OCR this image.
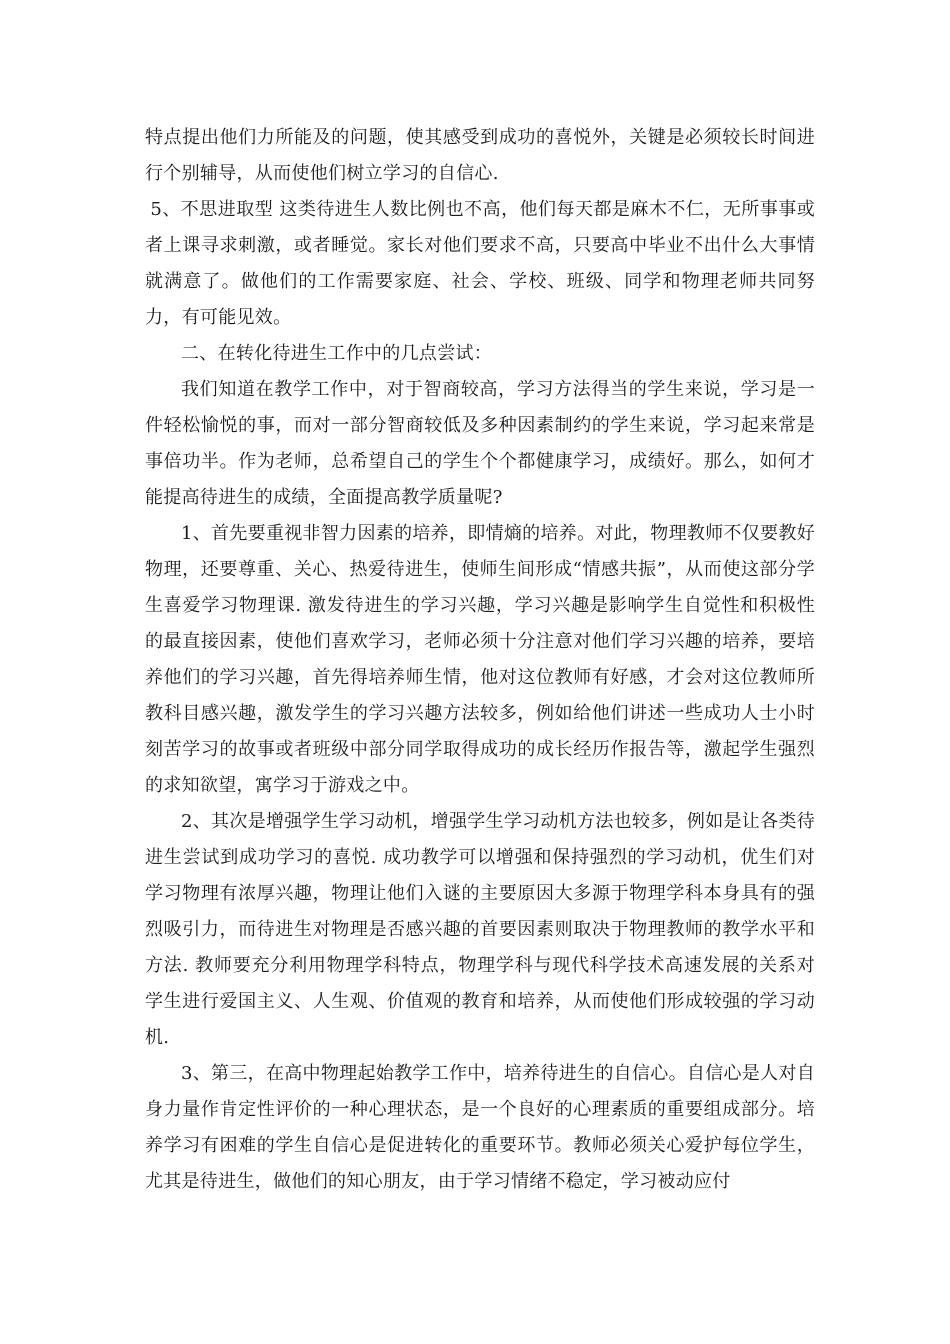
特点提出他们力所能及的问题，使其感受到成功的喜悦外，关键是必须较长时间进行个别辅导，从而使他们树立学习的自信心.

5、不思进取型 这类待进生人数比例也不高，他们每天都是麻木不仁，无所事事或者上课寻求刺激，或者睡觉。家长对他们要求不高，只要高中毕业不出什么大事情就满意了。做他们的工作需要家庭、社会、学校、班级、同学和物理老师共同努力，有可能见效。

二、在转化待进生工作中的几点尝试：

我们知道在教学工作中，对于智商较高，学习方法得当的学生来说，学习是一件轻松愉悦的事，而对一部分智商较低及多种因素制约的学生来说，学习起来常是事倍功半。作为老师，总希望自己的学生个个都健康学习，成绩好。那么，如何才能提高待进生的成绩，全面提高教学质量呢?

1、首先要重视非智力因素的培养，即情熵的培养。对此，物理教师不仅要教好物理，还要尊重、关心、热爱待进生，使师生间形成“情感共振”，从而使这部分学生喜爱学习物理课. 激发待进生的学习兴趣，学习兴趣是影响学生自觉性和积极性的最直接因素，使他们喜欢学习，老师必须十分注意对他们学习兴趣的培养，要培养他们的学习兴趣，首先得培养师生情，他对这位教师有好感，才会对这位教师所教科目感兴趣，激发学生的学习兴趣方法较多，例如给他们讲述一些成功人士小时刻苦学习的故事或者班级中部分同学取得成功的成长经历作报告等，激起学生强烈的求知欲望，寓学习于游戏之中。

2、其次是增强学生学习动机，增强学生学习动机方法也较多，例如是让各类待进生尝试到成功学习的喜悦. 成功教学可以增强和保持强烈的学习动机，优生们对学习物理有浓厚兴趣，物理让他们入谜的主要原因大多源于物理学科本身具有的强烈吸引力，而待进生对物理是否感兴趣的首要因素则取决于物理教师的教学水平和方法. 教师要充分利用物理学科特点，物理学科与现代科学技术高速发展的关系对学生进行爱国主义、人生观、价值观的教育和培养，从而使他们形成较强的学习动机.

3、第三，在高中物理起始教学工作中，培养待进生的自信心。自信心是人对自身力量作肯定性评价的一种心理状态，是一个良好的心理素质的重要组成部分。培养学习有困难的学生自信心是促进转化的重要环节。教师必须关心爱护每位学生，尤其是待进生，做他们的知心朋友，由于学习情绪不稳定，学习被动应付
